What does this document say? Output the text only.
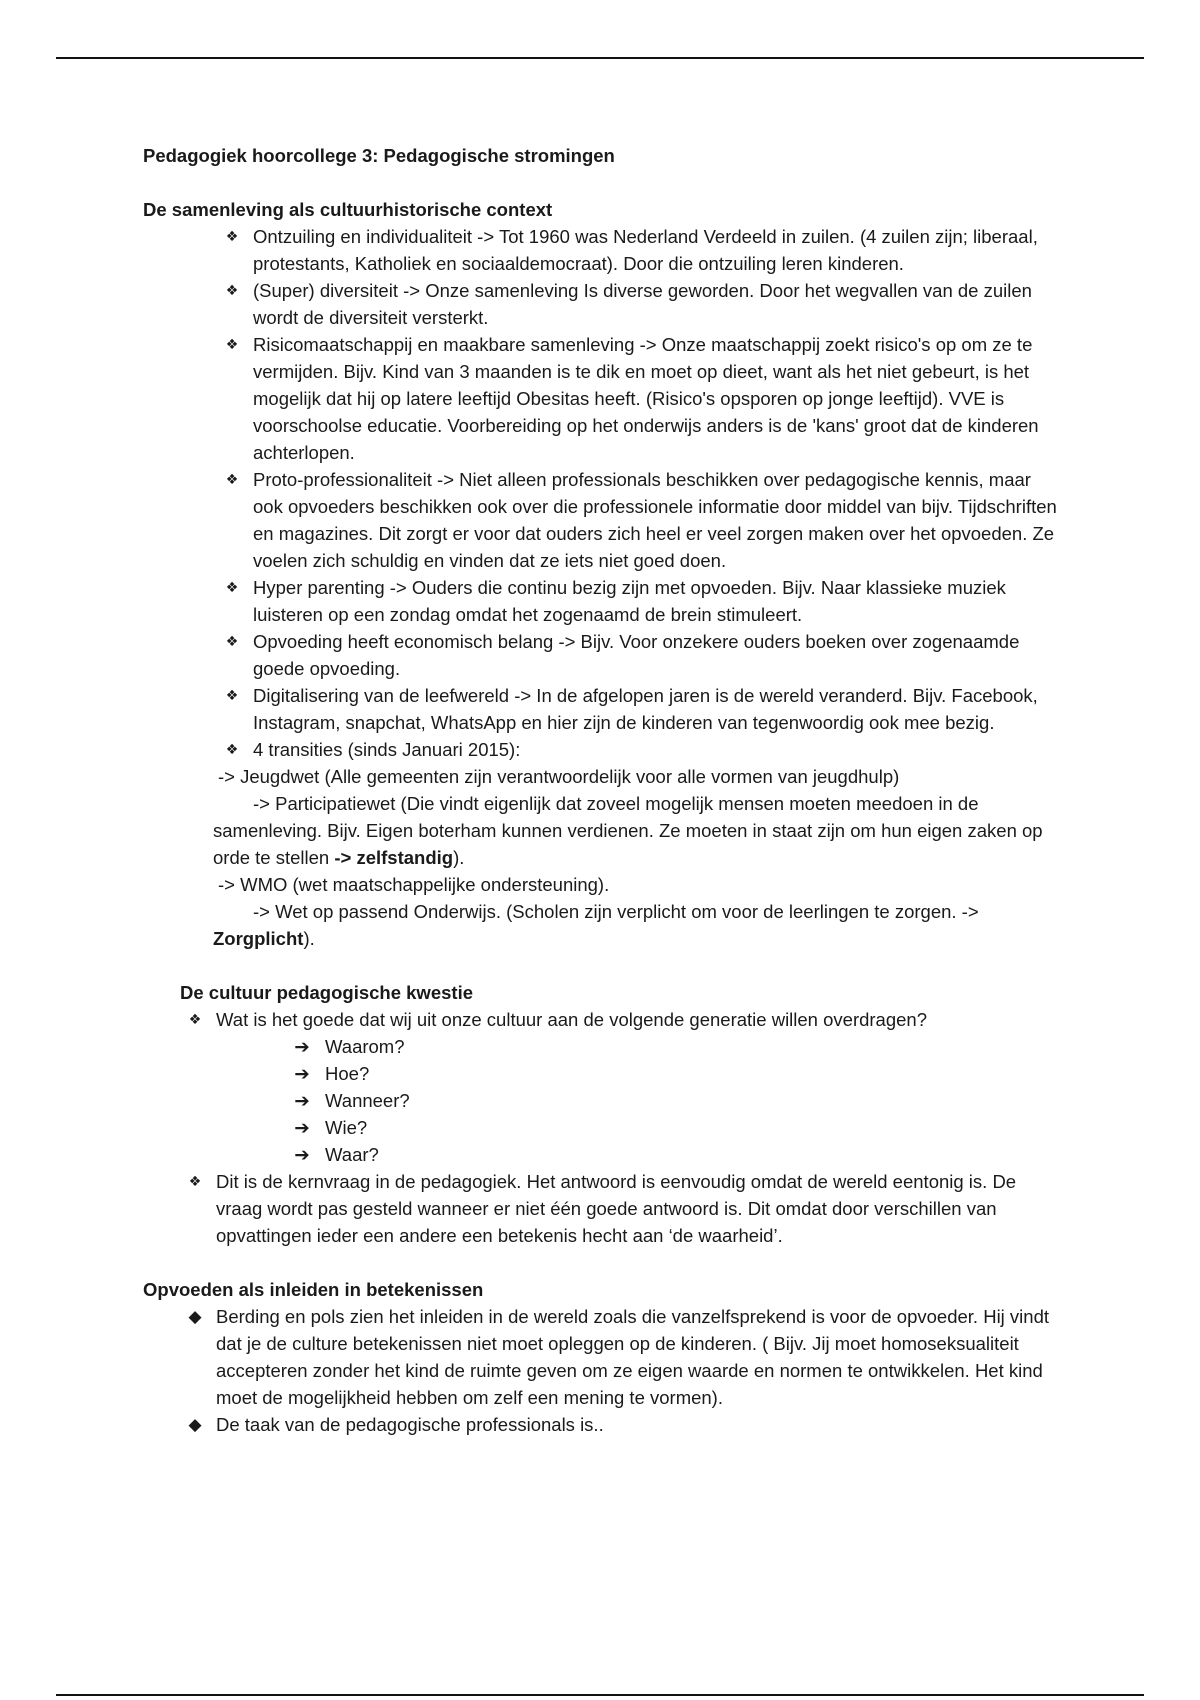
Pedagogiek hoorcollege 3: Pedagogische stromingen
De samenleving als cultuurhistorische context
❖ Ontzuiling en individualiteit -> Tot 1960 was Nederland Verdeeld in zuilen. (4 zuilen zijn; liberaal, protestants, Katholiek en sociaaldemocraat). Door die ontzuiling leren kinderen.
❖ (Super) diversiteit -> Onze samenleving Is diverse geworden. Door het wegvallen van de zuilen wordt de diversiteit versterkt.
❖ Risicomaatschappij en maakbare samenleving -> Onze maatschappij zoekt risico's op om ze te vermijden. Bijv. Kind van 3 maanden is te dik en moet op dieet, want als het niet gebeurt, is het mogelijk dat hij op latere leeftijd Obesitas heeft. (Risico's opsporen op jonge leeftijd). VVE is voorschoolse educatie. Voorbereiding op het onderwijs anders is de 'kans' groot dat de kinderen achterlopen.
❖ Proto-professionaliteit -> Niet alleen professionals beschikken over pedagogische kennis, maar ook opvoeders beschikken ook over die professionele informatie door middel van bijv. Tijdschriften en magazines. Dit zorgt er voor dat ouders zich heel er veel zorgen maken over het opvoeden. Ze voelen zich schuldig en vinden dat ze iets niet goed doen.
❖ Hyper parenting -> Ouders die continu bezig zijn met opvoeden. Bijv. Naar klassieke muziek luisteren op een zondag omdat het zogenaamd de brein stimuleert.
❖ Opvoeding heeft economisch belang -> Bijv. Voor onzekere ouders boeken over zogenaamde goede opvoeding.
❖ Digitalisering van de leefwereld -> In de afgelopen jaren is de wereld veranderd. Bijv. Facebook, Instagram, snapchat, WhatsApp en hier zijn de kinderen van tegenwoordig ook mee bezig.
❖ 4 transities (sinds Januari 2015):
-> Jeugdwet (Alle gemeenten zijn verantwoordelijk voor alle vormen van jeugdhulp)
-> Participatiewet (Die vindt eigenlijk dat zoveel mogelijk mensen moeten meedoen in de samenleving. Bijv. Eigen boterham kunnen verdienen. Ze moeten in staat zijn om hun eigen zaken op orde te stellen -> zelfstandig).
-> WMO (wet maatschappelijke ondersteuning).
-> Wet op passend Onderwijs. (Scholen zijn verplicht om voor de leerlingen te zorgen. -> Zorgplicht).
De cultuur pedagogische kwestie
❖ Wat is het goede dat wij uit onze cultuur aan de volgende generatie willen overdragen?
➔ Waarom?
➔ Hoe?
➔ Wanneer?
➔ Wie?
➔ Waar?
❖ Dit is de kernvraag in de pedagogiek. Het antwoord is eenvoudig omdat de wereld eentonig is. De vraag wordt pas gesteld wanneer er niet één goede antwoord is. Dit omdat door verschillen van opvattingen ieder een andere een betekenis hecht aan ‘de waarheid’.
Opvoeden als inleiden in betekenissen
◆ Berding en pols zien het inleiden in de wereld zoals die vanzelfsprekend is voor de opvoeder. Hij vindt dat je de culture betekenissen niet moet opleggen op de kinderen. ( Bijv. Jij moet homoseksualiteit accepteren zonder het kind de ruimte geven om ze eigen waarde en normen te ontwikkelen. Het kind moet de mogelijkheid hebben om zelf een mening te vormen).
◆ De taak van de pedagogische professionals is..
